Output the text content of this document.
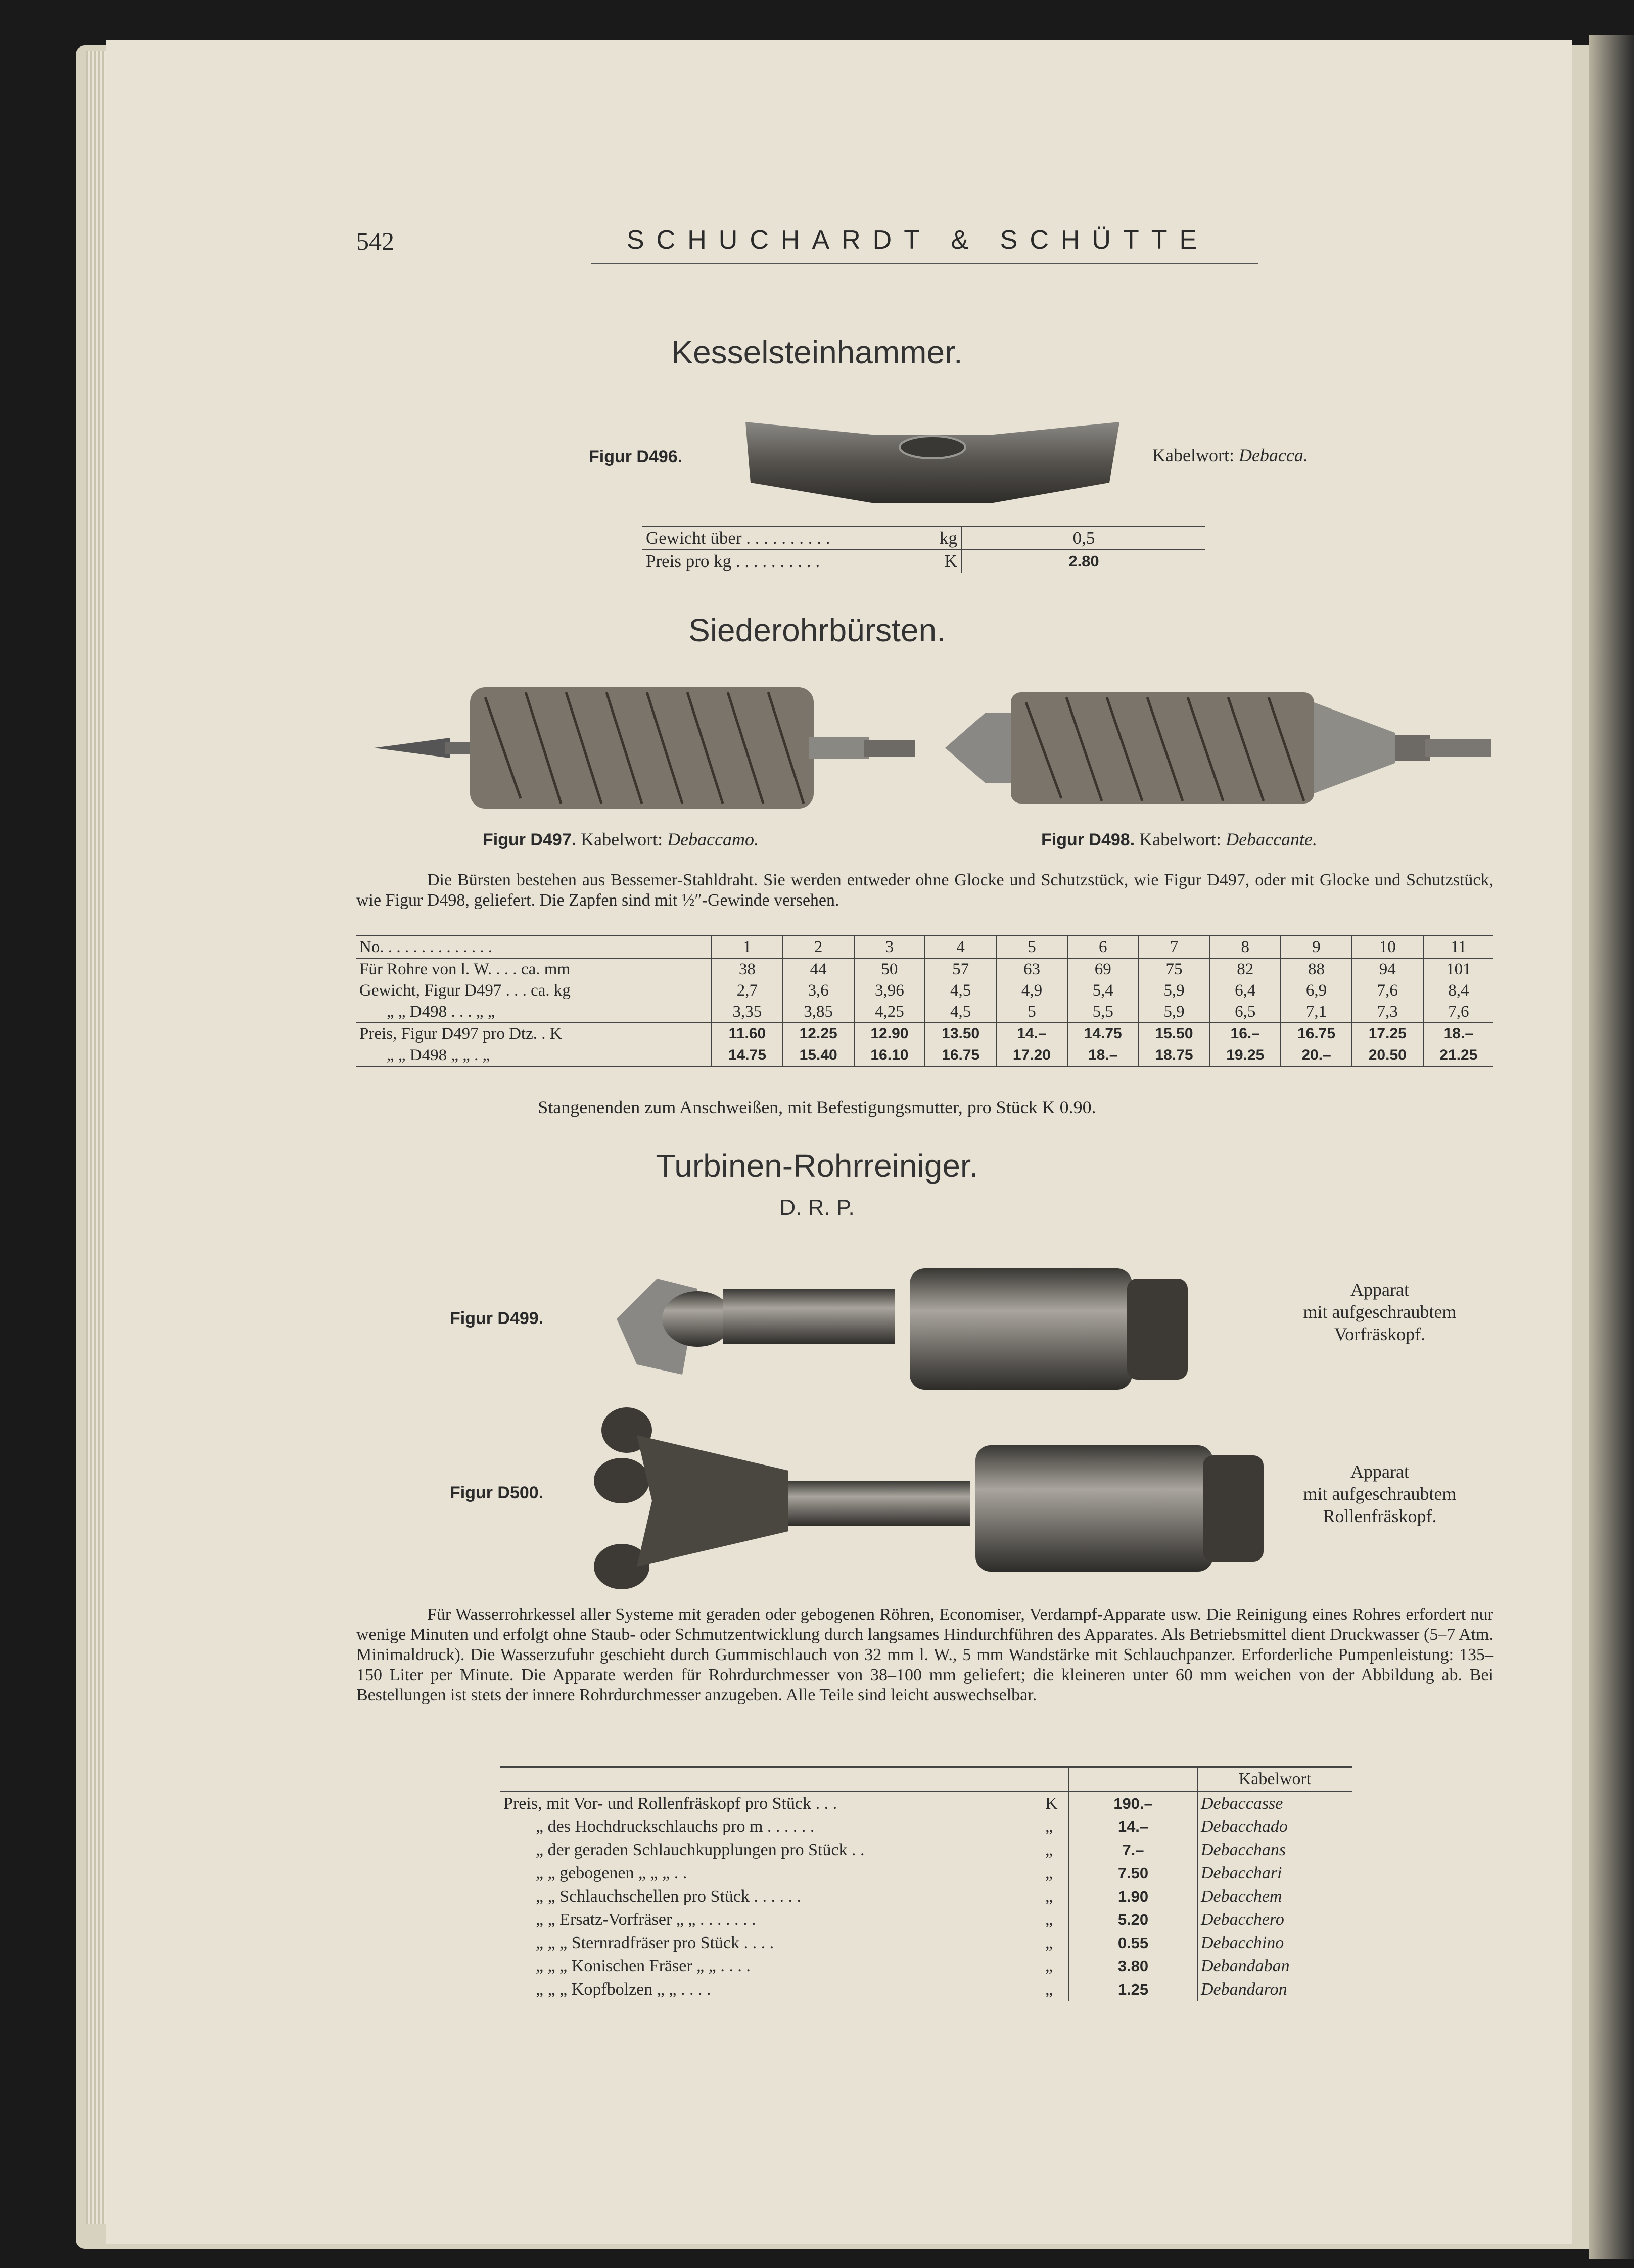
542	SCHUCHARDT & SCHÜTTE
Kesselsteinhammer.
Figur D496.	Kabelwort: Debacca.
Gewicht über . . . . . . . . . .	kg	0,5
Preis pro kg . . . . . . . . . .	K	2.80
Siederohrbürsten.
Figur D497. Kabelwort: Debaccamo.	Figur D498. Kabelwort: Debaccante.
Die Bürsten bestehen aus Bessemer-Stahldraht. Sie werden entweder ohne Glocke und Schutzstück, wie Figur D497, oder mit Glocke und Schutzstück, wie Figur D498, geliefert. Die Zapfen sind mit ½″-Gewinde versehen.
No. . . . . . . . . . . . . .	1	2	3	4	5	6	7	8	9	10	11
Für Rohre von l. W. . . . ca. mm	38	44	50	57	63	69	75	82	88	94	101
Gewicht, Figur D497 . . . ca. kg	2,7	3,6	3,96	4,5	4,9	5,4	5,9	6,4	6,9	7,6	8,4
„ „ D498 . . . „ „	3,35	3,85	4,25	4,5	5	5,5	5,9	6,5	7,1	7,3	7,6
Preis, Figur D497 pro Dtz. . K	11.60	12.25	12.90	13.50	14.–	14.75	15.50	16.–	16.75	17.25	18.–
„ „ D498 „ „ . „	14.75	15.40	16.10	16.75	17.20	18.–	18.75	19.25	20.–	20.50	21.25
Stangenenden zum Anschweißen, mit Befestigungsmutter, pro Stück K 0.90.
Turbinen-Rohrreiniger.
D. R. P.
Figur D499.
Apparat
mit aufgeschraubtem
Vorfräskopf.
Figur D500.
Apparat
mit aufgeschraubtem
Rollenfräskopf.
Für Wasserrohrkessel aller Systeme mit geraden oder gebogenen Röhren, Economiser, Verdampf-Apparate usw. Die Reinigung eines Rohres erfordert nur wenige Minuten und erfolgt ohne Staub- oder Schmutzentwicklung durch langsames Hindurchführen des Apparates. Als Betriebsmittel dient Druckwasser (5–7 Atm. Minimaldruck). Die Wasserzufuhr geschieht durch Gummischlauch von 32 mm l. W., 5 mm Wandstärke mit Schlauchpanzer. Erforderliche Pumpenleistung: 135–150 Liter per Minute. Die Apparate werden für Rohrdurchmesser von 38–100 mm geliefert; die kleineren unter 60 mm weichen von der Abbildung ab. Bei Bestellungen ist stets der innere Rohrdurchmesser anzugeben. Alle Teile sind leicht auswechselbar.
			Kabelwort
Preis, mit Vor- und Rollenfräskopf pro Stück . . .	K	190.–	Debaccasse
„ des Hochdruckschlauchs pro m . . . . . .	„	14.–	Debacchado
„ der geraden Schlauchkupplungen pro Stück . .	„	7.–	Debacchans
„ „ gebogenen „ „ „ . .	„	7.50	Debacchari
„ „ Schlauchschellen pro Stück . . . . . .	„	1.90	Debacchem
„ „ Ersatz-Vorfräser „ „ . . . . . . .	„	5.20	Debacchero
„ „ „ Sternradfräser pro Stück . . . .	„	0.55	Debacchino
„ „ „ Konischen Fräser „ „ . . . .	„	3.80	Debandaban
„ „ „ Kopfbolzen „ „ . . . .	„	1.25	Debandaron
